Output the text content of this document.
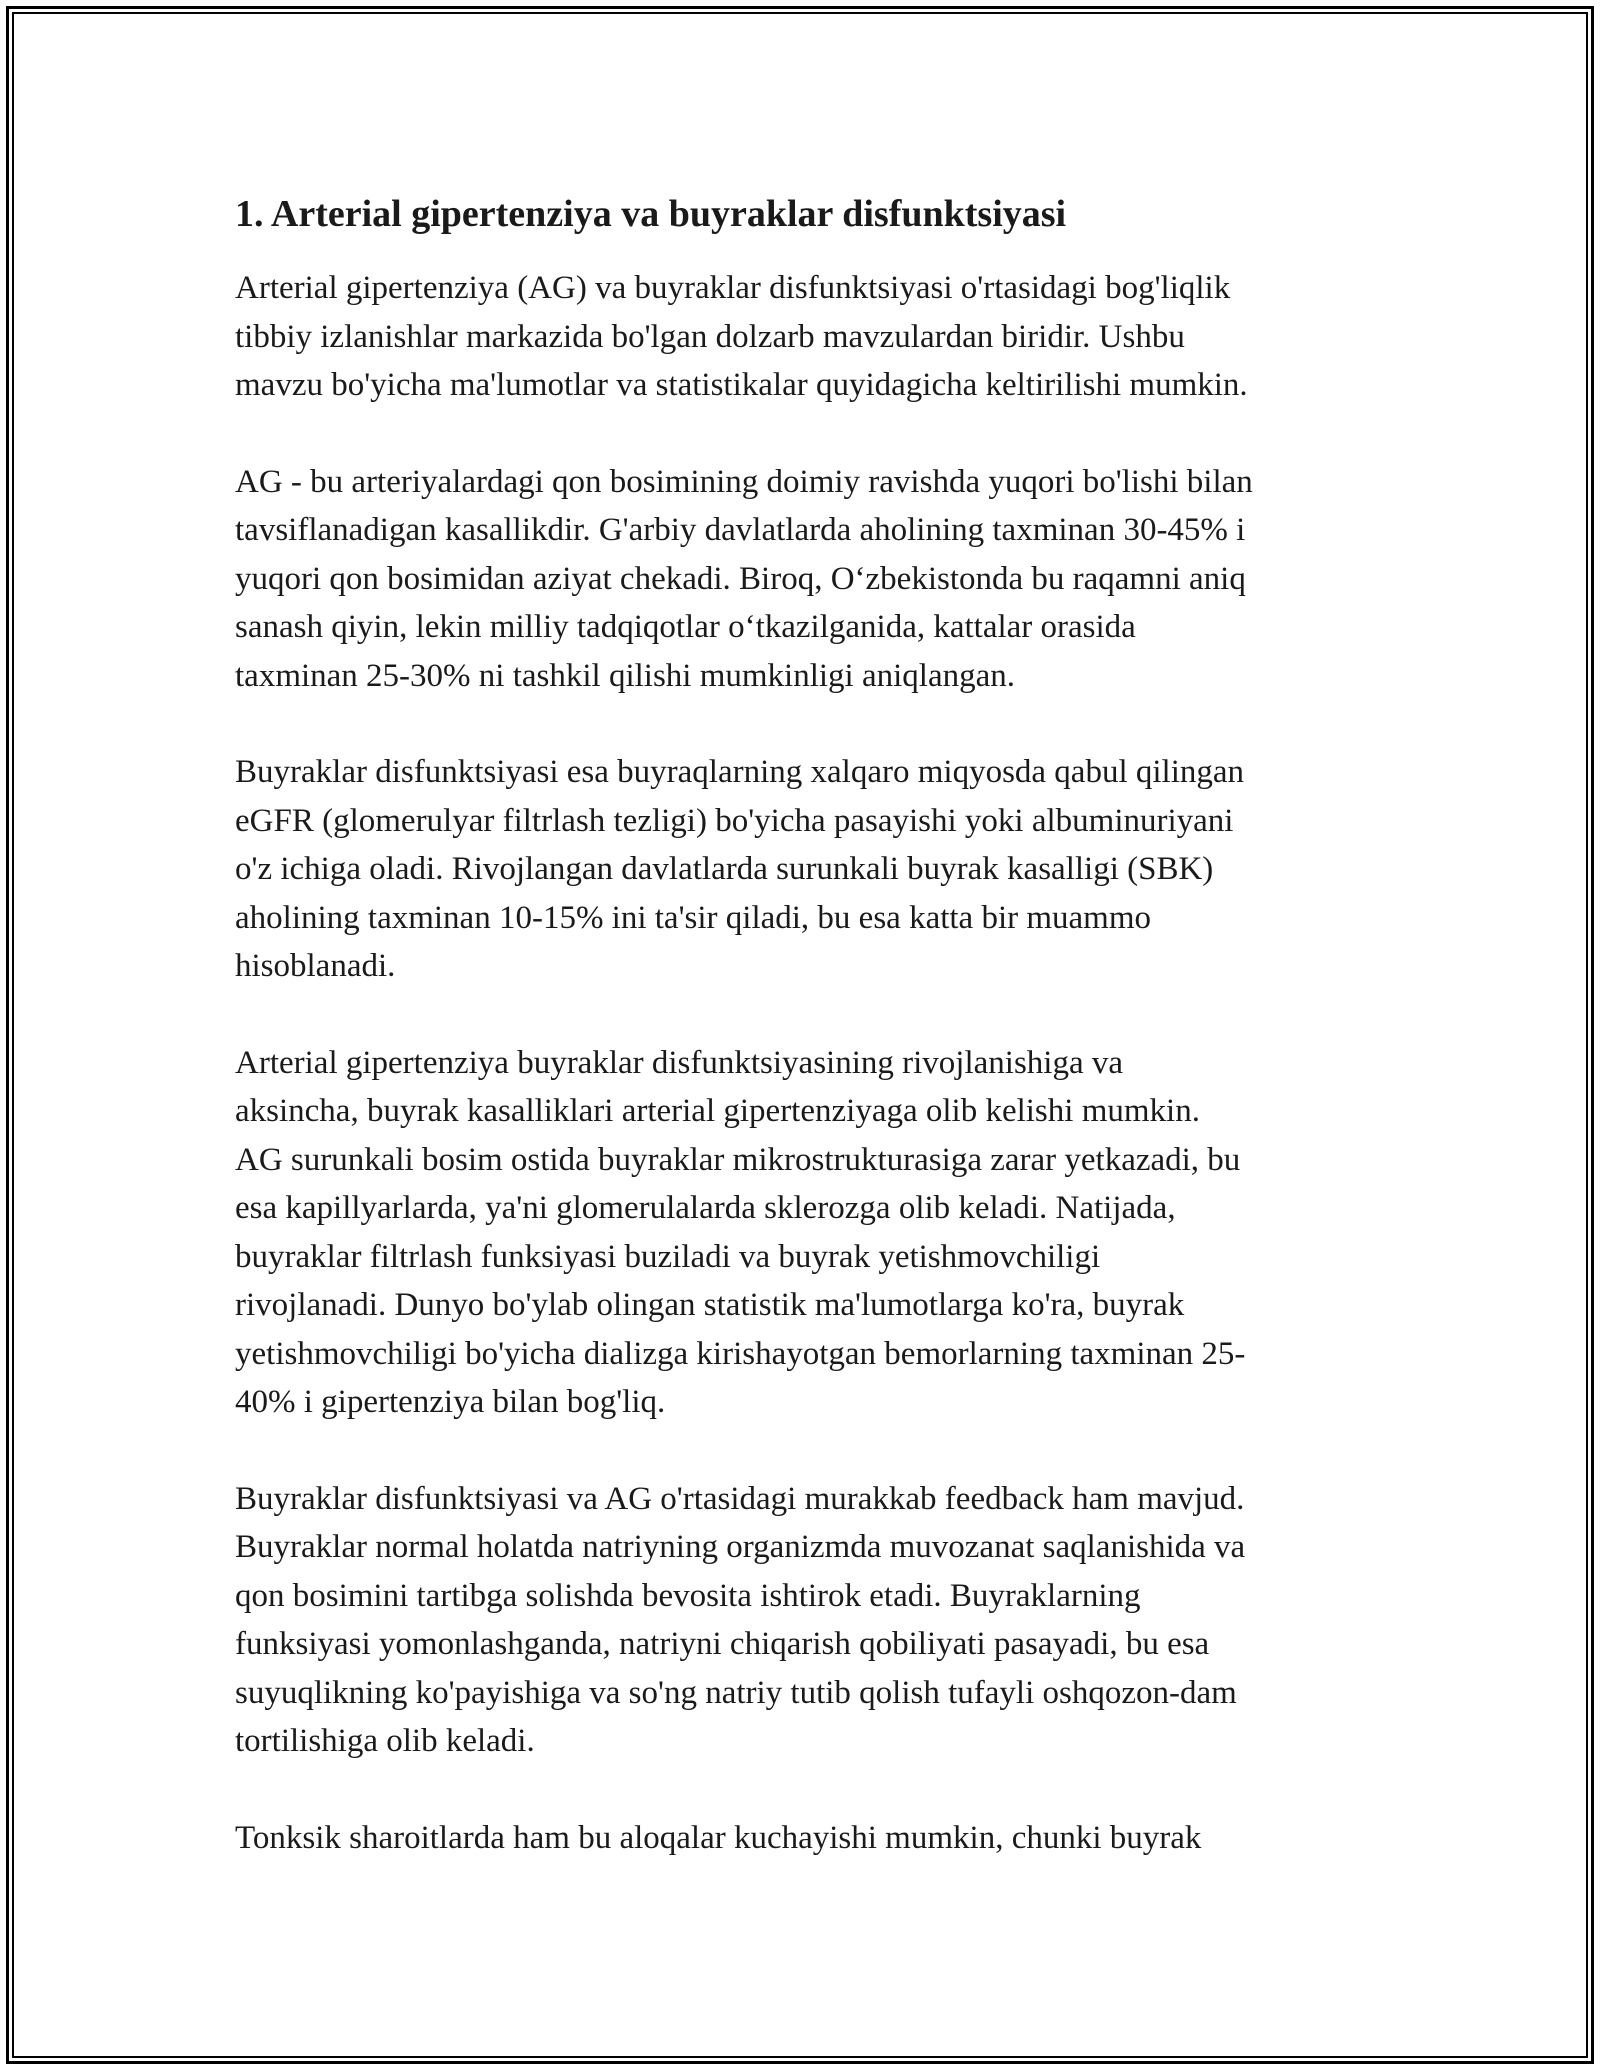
1. Arterial gipertenziya va buyraklar disfunktsiyasi

Arterial gipertenziya (AG) va buyraklar disfunktsiyasi o'rtasidagi bog'liqlik
tibbiy izlanishlar markazida bo'lgan dolzarb mavzulardan biridir. Ushbu
mavzu bo'yicha ma'lumotlar va statistikalar quyidagicha keltirilishi mumkin.

AG - bu arteriyalardagi qon bosimining doimiy ravishda yuqori bo'lishi bilan
tavsiflanadigan kasallikdir. G'arbiy davlatlarda aholining taxminan 30-45% i
yuqori qon bosimidan aziyat chekadi. Biroq, O‘zbekistonda bu raqamni aniq
sanash qiyin, lekin milliy tadqiqotlar o‘tkazilganida, kattalar orasida
taxminan 25-30% ni tashkil qilishi mumkinligi aniqlangan.

Buyraklar disfunktsiyasi esa buyraqlarning xalqaro miqyosda qabul qilingan
eGFR (glomerulyar filtrlash tezligi) bo'yicha pasayishi yoki albuminuriyani
o'z ichiga oladi. Rivojlangan davlatlarda surunkali buyrak kasalligi (SBK)
aholining taxminan 10-15% ini ta'sir qiladi, bu esa katta bir muammo
hisoblanadi.

Arterial gipertenziya buyraklar disfunktsiyasining rivojlanishiga va
aksincha, buyrak kasalliklari arterial gipertenziyaga olib kelishi mumkin.
AG surunkali bosim ostida buyraklar mikrostrukturasiga zarar yetkazadi, bu
esa kapillyarlarda, ya'ni glomerulalarda sklerozga olib keladi. Natijada,
buyraklar filtrlash funksiyasi buziladi va buyrak yetishmovchiligi
rivojlanadi. Dunyo bo'ylab olingan statistik ma'lumotlarga ko'ra, buyrak
yetishmovchiligi bo'yicha dializga kirishayotgan bemorlarning taxminan 25-
40% i gipertenziya bilan bog'liq.

Buyraklar disfunktsiyasi va AG o'rtasidagi murakkab feedback ham mavjud.
Buyraklar normal holatda natriyning organizmda muvozanat saqlanishida va
qon bosimini tartibga solishda bevosita ishtirok etadi. Buyraklarning
funksiyasi yomonlashganda, natriyni chiqarish qobiliyati pasayadi, bu esa
suyuqlikning ko'payishiga va so'ng natriy tutib qolish tufayli oshqozon-dam
tortilishiga olib keladi.

Tonksik sharoitlarda ham bu aloqalar kuchayishi mumkin, chunki buyrak
